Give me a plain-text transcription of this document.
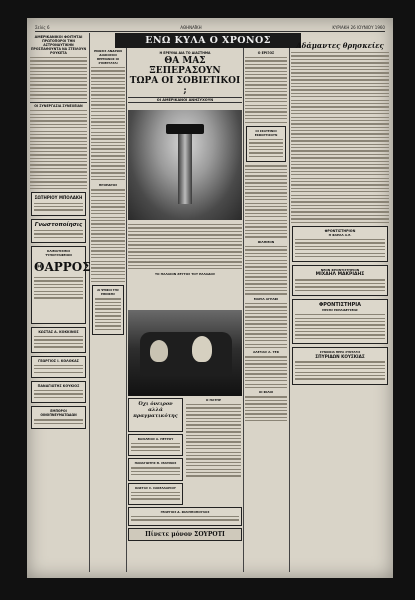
Σελίς 6	ΑΘΗΝΑΪΚΗ	ΚΥΡΙΑΚΗ 26 ΙΟΥΝΙΟΥ 1960
ΑΜΕΡΙΚΑΝΙΚΟΙ ΦΟΙΤΗΤΑΙ
ΠΡΩΤΟΠΟΡΟΙ ΤΗΝ ΑΣΤΡΟΝΑΥΤΙΚΗΝ
ΠΡΟΣΠΑΘΟΥΝΤΑ ΝΑ ΣΤΕΙΛΟΥΝ ΡΟΥΚΕΤΑ
ΟΙ ΣΥΝΕΡΓΑΣΙΑ ΣΥΝΕΧΕΙΑΝ
ΣΩΤΗΡΙΟΥ ΜΠΟΛΑΚΗ
Γνωστοποίησις
ΚΛΙΜΑΤΙΣΜΟΙ ΤΥΠΟΓΡΑΦΕΙΟΝ
ΘΑΡΡΟΣ
ΚΩΣΤΑΣ Α. ΚΟΚΚΙΝΟΣ
ΓΕΩΡΓΙΟΣ Ι. ΚΟΛΟΚΑΣ
ΠΑΝΑΓΙΩΤΗΣ ΚΟΥΚΙΟΣ
ΕΜΠΟΡΟΙ ΟΙΝΟΠΝΕΥΜΑΤΩΔΩΝ
ΕΝΩΣΙΣ ΑΝΔΡΩΝ ΔΙΑΚΟΣΙΟΙ
ΒΕΡΜΑΝΟΣ ΟΙ ΣΥΝΕΡΓΑΤΑΙ
ΠΡΟΕΔΡΟΣ
ΑΙ ΨΗΦΟΙ ΤΗΣ ΕΘΝΙΚΗΣ
ΕΝΩ ΚΥΛΑ Ο ΧΡΟΝΟΣ
Η ΕΡΕΥΝΑ ΔΙΑ ΤΟ ΔΙΑΣΤΗΜΑ
ΘΑ ΜΑΣ ΞΕΠΕΡΑΣΟΥΝ
ΤΩΡΑ ΟΙ ΣΟΒΙΕΤΙΚΟΙ ;
ΟΙ ΑΜΕΡΙΚΑΝΟΙ ΑΝΗΣΥΧΟΥΝ
ΤΟ ΠΑΛΑΙΟΝ ΖΕΥΓΟΣ ΤΟΥ ΕΛΛΑΔΟΣ
Όχι όνειρον
αλλά πραγματικότης
ΒΑΣΙΛΕΙΟΣ Α. ΠΕΤΡΟΥ
ΠΑΝΑΓΙΩΤΗΣ Θ. ΜΑΡΙΝΟΣ
ΚΩΣΤΑΣ Σ. ΣΑΚΕΛΛΑΡΙΟΥ
Ο ΠΑΤΗΡ
ΓΕΩΡΓΙΟΣ Δ. ΦΙΛΙΠΠΟΠΟΥΛΟΣ
Πίνετε μόνον ΣΟΥΡΟΤΙ
Ο ΕΡΙΞΟΣ
ΟΙ ΣΚΑΤΕΙΝΟΙ ΕΚΦΟΡΤΙΖΟΥΝ
ΦΙΛΗΜΟΝ
ΜΑΡΙΑ ΑΓΡΑΦΙ
ΑΛΕΞΙΑΣ Α. ΤΕΚ
ΟΙ ΦΙΛΟΙ
Αδάμαντες θρησκείες
ΦΡΟΝΤΙΣΤΗΡΙΟΝ
Η ΦΑΕΛΑ Α.Ε.
ΝΕΟΝ ΦΡΟΝΤΙΣΤΗΡΙΟΝ
ΜΙΧΑΗΛ ΜΑΚΡΙΔΗΣ
ΦΡΟΝΤΙΣΤΗΡΙΑ
ΜΕΣΗΣ ΕΚΠΑΙΔΕΥΣΕΩΣ
ΣΥΝΟΙΚΙΑ ΠΕΡΑ ΣΥΝΤΑΞΙΣ
ΣΠΥΡΙΔΩΝ ΚΟΥΣΚΙΑΣ
